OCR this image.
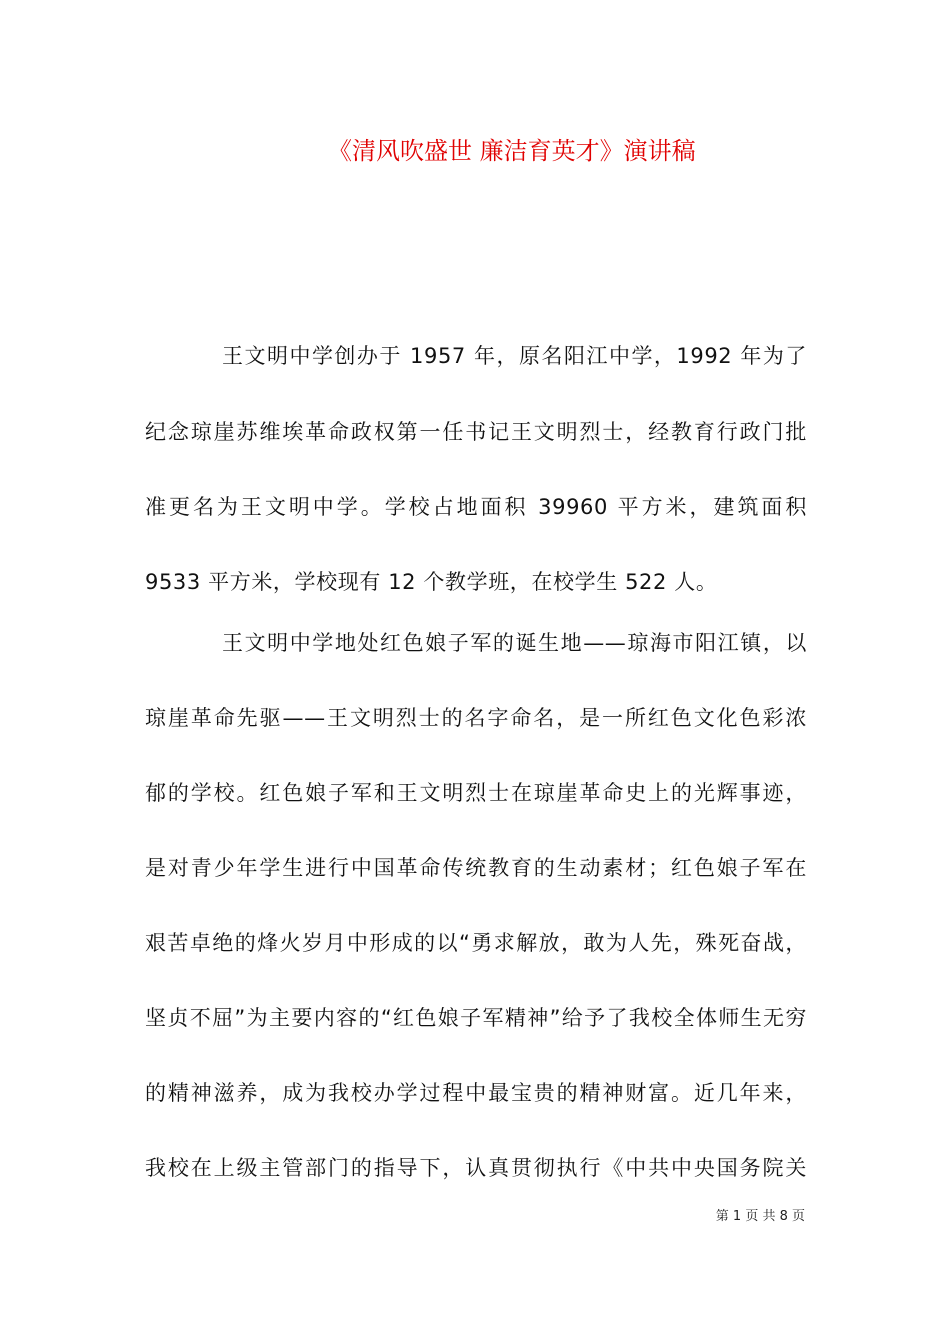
《清风吹盛世 廉洁育英才》演讲稿

王文明中学创办于 1957 年，原名阳江中学，1992 年为了

纪念琼崖苏维埃革命政权第一任书记王文明烈士，经教育行政门批

准更名为王文明中学。学校占地面积 39960 平方米，建筑面积

9533 平方米，学校现有 12 个教学班，在校学生 522 人。

王文明中学地处红色娘子军的诞生地——琼海市阳江镇，以

琼崖革命先驱——王文明烈士的名字命名，是一所红色文化色彩浓

郁的学校。红色娘子军和王文明烈士在琼崖革命史上的光辉事迹，

是对青少年学生进行中国革命传统教育的生动素材；红色娘子军在

艰苦卓绝的烽火岁月中形成的以“勇求解放，敢为人先，殊死奋战，

坚贞不屈”为主要内容的“红色娘子军精神”给予了我校全体师生无穷

的精神滋养，成为我校办学过程中最宝贵的精神财富。近几年来，

我校在上级主管部门的指导下，认真贯彻执行《中共中央国务院关

第 1 页 共 8 页
